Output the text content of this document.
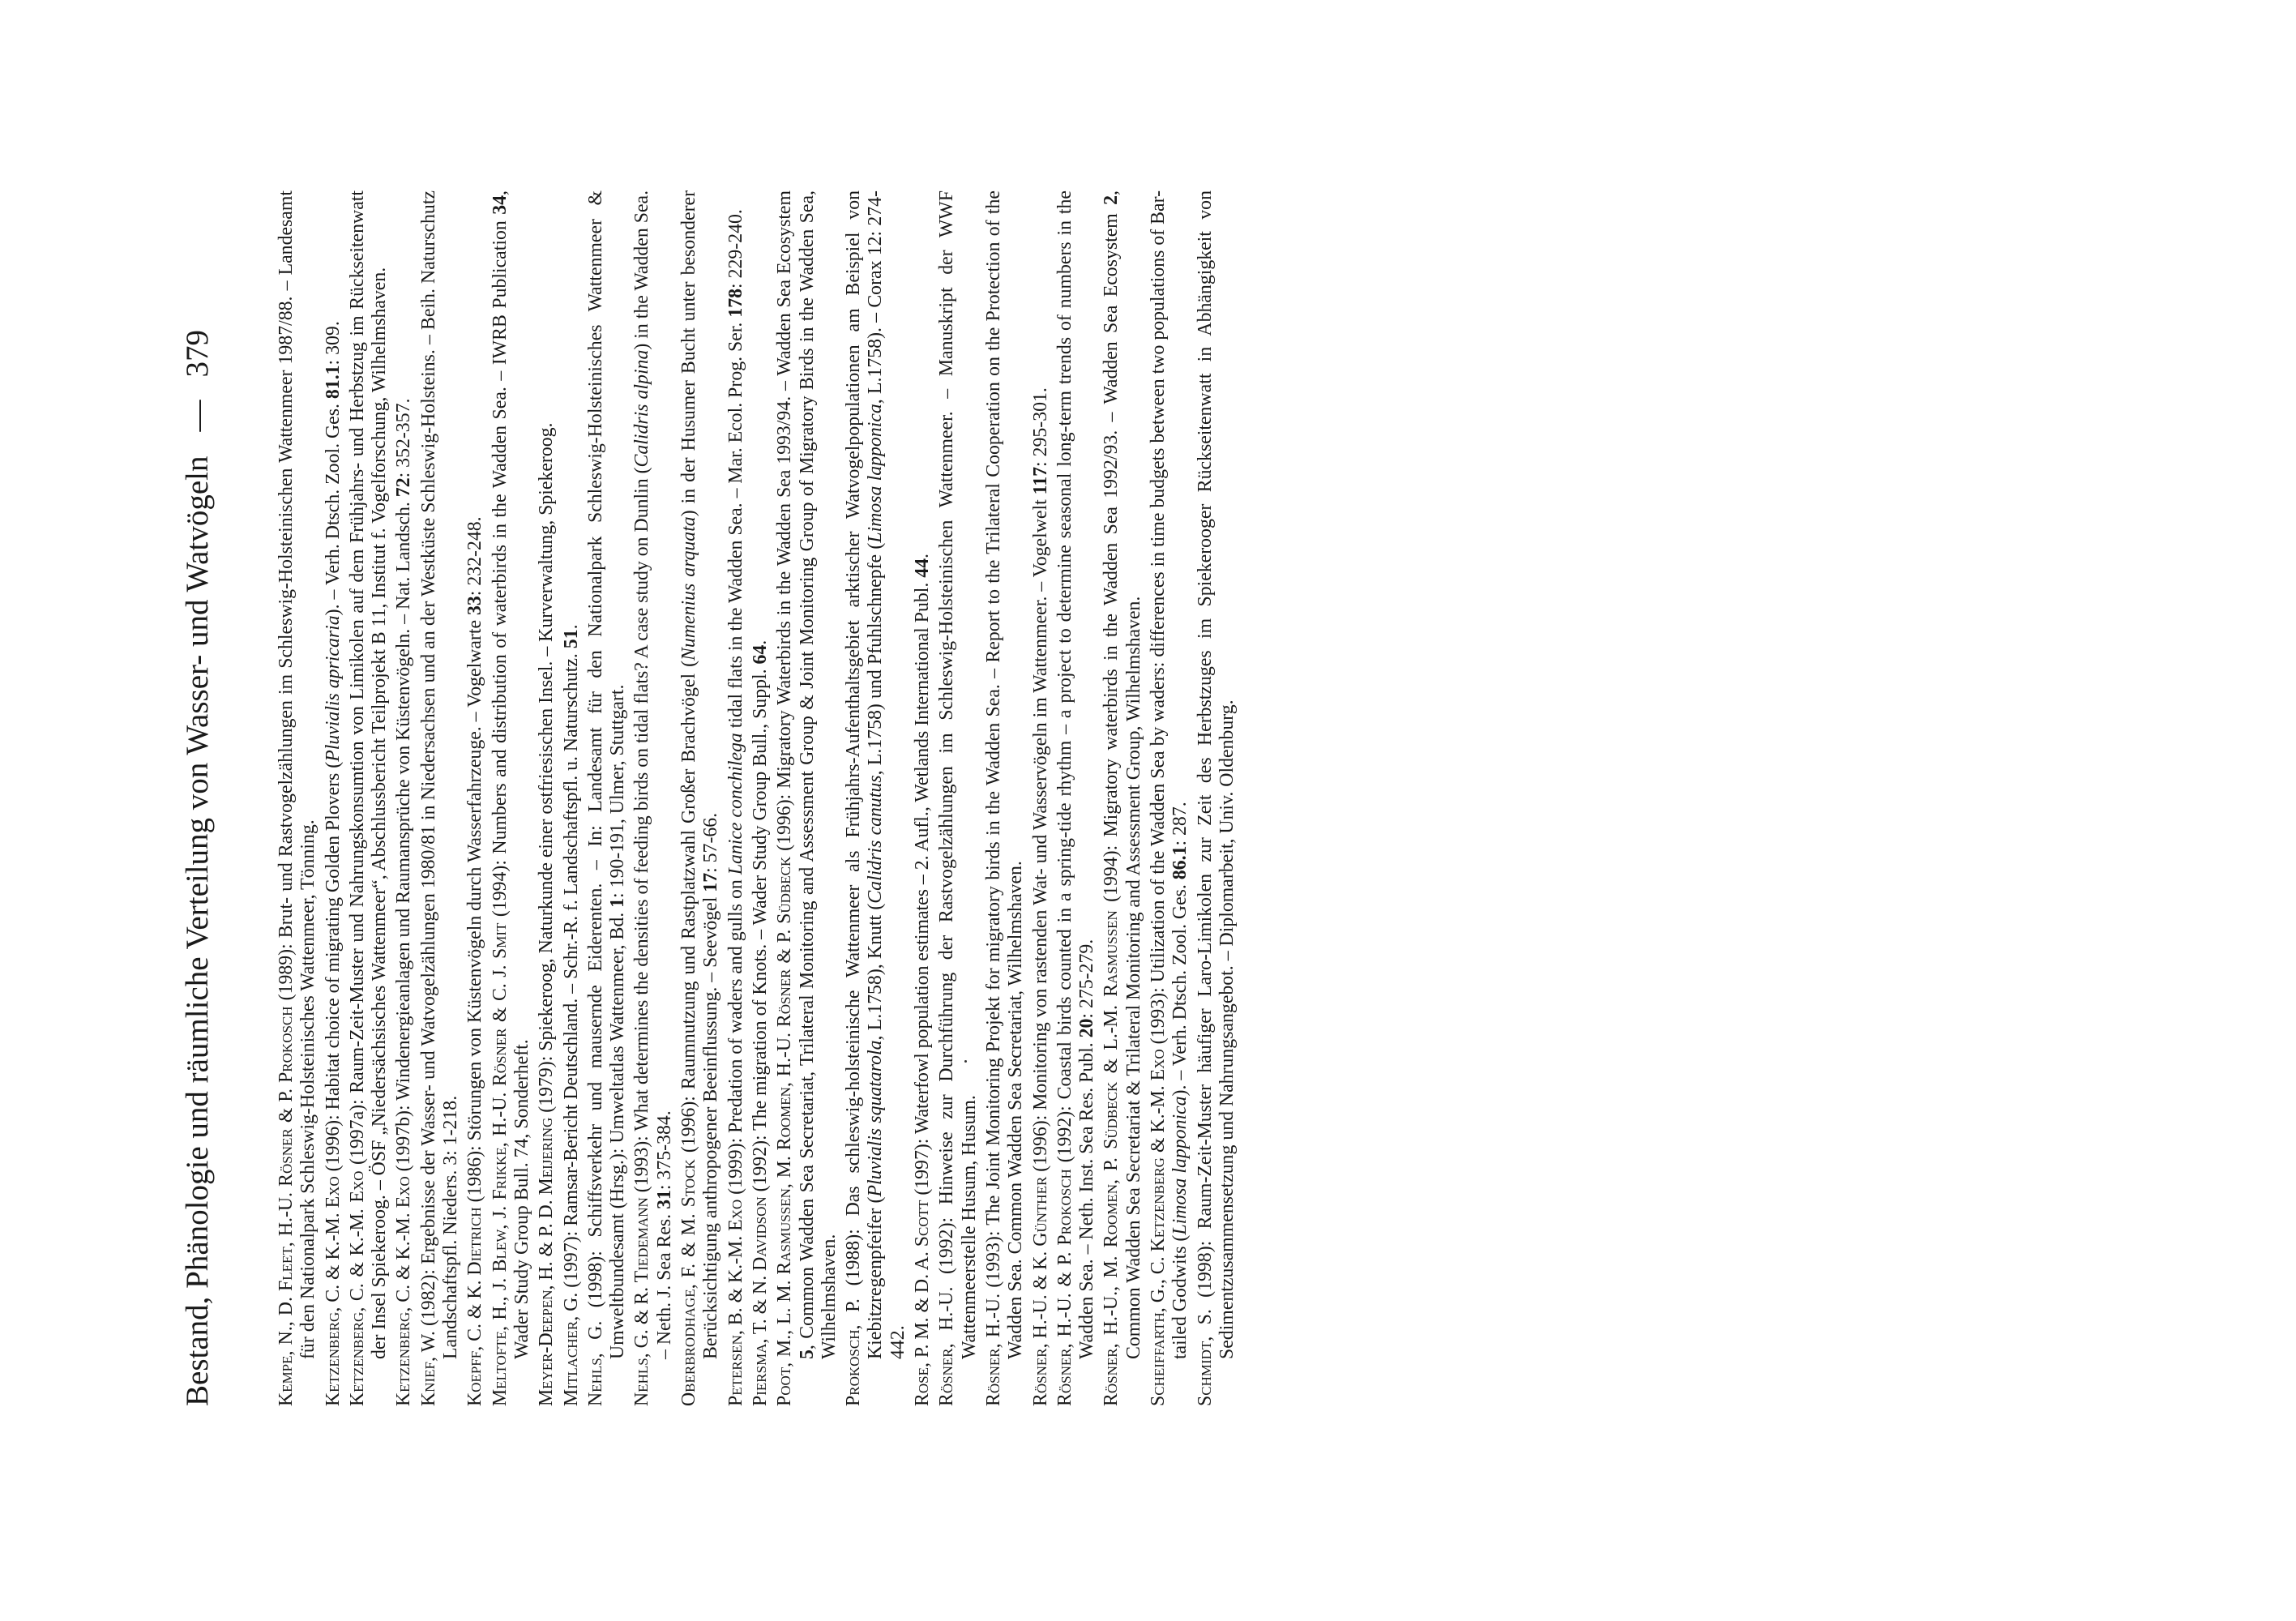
Bestand, Phänologie und räumliche Verteilung von Wasser- und Watvögeln
—
379

Kempe, N., D. Fleet, H.-U. Rösner & P. Prokosch (1989): Brut- und Rastvogelzählungen im Schleswig-Holsteinischen Wattenmeer 1987/88. – Landesamt für den Nationalpark Schleswig-Holsteinisches Wattenmeer, Tönning. Ketzenberg, C. & K.-M. Exo (1996): Habitat choice of migrating Golden Plovers (Pluvialis apricaria). – Verh. Dtsch. Zool. Ges. 81.1: 309.

Ketzenberg, C. & K.-M. Exo (1997a): Raum-Zeit-Muster und Nahrungskonsumtion von Limikolen auf dem Frühjahrs- und Herbstzug im Rückseitenwatt der Insel Spiekeroog. – ÖSF „Niedersächsisches Wattenmeer“, Abschlussbericht Teilprojekt B 11, Institut f. Vogelforschung, Wilhelmshaven. Ketzenberg, C. & K.-M. Exo (1997b): Windenergieanlagen und Raumansprüche von Küstenvögeln. – Nat. Landsch. 72: 352-357.

Knief, W. (1982): Ergebnisse der Wasser- und Watvogelzählungen 1980/81 in Niedersachsen und an der Westküste Schleswig-Holsteins. – Beih. Naturschutz Landschaftspfl. Nieders. 3: 1-218. Koepff, C. & K. Dietrich (1986): Störungen von Küstenvögeln durch Wasserfahrzeuge. – Vogelwarte 33: 232-248.

Meltofte, H., J. Blew, J. Frikke, H.-U. Rösner & C. J. Smit (1994): Numbers and distribution of waterbirds in the Wadden Sea. – IWRB Publication 34, Wader Study Group Bull. 74, Sonderheft. Meyer-Deepen, H. & P. D. Meijering (1979): Spiekeroog, Naturkunde einer ostfriesischen Insel. – Kurverwaltung, Spiekeroog.

Mitlacher, G. (1997): Ramsar-Bericht Deutschland. – Schr.-R. f. Landschaftspfl. u. Naturschutz. 51.

Nehls, G. (1998): Schiffsverkehr und mausernde Eiderenten. – In: Landesamt für den Nationalpark Schleswig-Holsteinisches Wattenmeer & Umweltbundesamt (Hrsg.): Umweltatlas Wattenmeer, Bd. 1: 190-191, Ulmer, Stuttgart.

Nehls, G. & R. Tiedemann (1993): What determines the densities of feeding birds on tidal flats? A case study on Dunlin (Calidris alpina) in the Wadden Sea. – Neth. J. Sea Res. 31: 375-384.

Oberbrodhage, F. & M. Stock (1996): Raumnutzung und Rastplatzwahl Großer Brachvögel (Numenius arquata) in der Husumer Bucht unter besonderer Berücksichtigung anthropogener Beeinflussung. – Seevögel 17: 57-66.

Petersen, B. & K.-M. Exo (1999): Predation of waders and gulls on Lanice conchilega tidal flats in the Wadden Sea. – Mar. Ecol. Prog. Ser. 178: 229-240.

Piersma, T. & N. Davidson (1992): The migration of Knots. – Wader Study Group Bull., Suppl. 64.

Poot, M., L. M. Rasmussen, M. Roomen, H.-U. Rösner & P. Südbeck (1996): Migratory Waterbirds in the Wadden Sea 1993/94. – Wadden Sea Ecosystem 5, Common Wadden Sea Secretariat, Trilateral Monitoring and Assessment Group & Joint Monitoring Group of Migratory Birds in the Wadden Sea, Wilhelmshaven. Prokosch, P. (1988): Das schleswig-holsteinische Wattenmeer als Frühjahrs-Aufenthaltsgebiet arktischer Watvogelpopulationen am Beispiel von Kiebitzregenpfeifer (Pluvialis squatarola, L.1758), Knutt (Calidris canutus, L.1758) und Pfuhlschnepfe (Limosa lapponica, L.1758). – Corax 12: 274-442. Rose, P. M. & D. A. Scott (1997): Waterfowl population estimates – 2. Aufl., Wetlands International Publ. 44.

Rösner, H.-U. (1992): Hinweise zur Durchführung der Rastvogelzählungen im Schleswig-Holsteinischen Wattenmeer. – Manuskript der WWF Wattenmeerstelle Husum, Husum. Rösner, H.-U. (1993): The Joint Monitoring Projekt for migratory birds in the Wadden Sea. – Report to the Trilateral Cooperation on the Protection of the Wadden Sea. Common Wadden Sea Secretariat, Wilhelmshaven. Rösner, H.-U. & K. Günther (1996): Monitoring von rastenden Wat- und Wasservögeln im Wattenmeer. – Vogelwelt 117: 295-301.

Rösner, H.-U. & P. Prokosch (1992): Coastal birds counted in a spring-tide rhythm – a project to determine seasonal long-term trends of numbers in the Wadden Sea. – Neth. Inst. Sea Res. Publ. 20: 275-279. Rösner, H.-U., M. Roomen, P. Südbeck & L.-M. Rasmussen (1994): Migratory waterbirds in the Wadden Sea 1992/93. – Wadden Sea Ecosystem 2, Common Wadden Sea Secretariat & Trilateral Monitoring and Assessment Group, Wilhelmshaven. Scheiffarth, G., C. Ketzenberg & K.-M. Exo (1993): Utilization of the Wadden Sea by waders: differences in time budgets between two populations of Bar-tailed Godwits (Limosa lapponica). – Verh. Dtsch. Zool. Ges. 86.1: 287.

Schmidt, S. (1998): Raum-Zeit-Muster häufiger Laro-Limikolen zur Zeit des Herbstzuges im Spiekerooger Rückseitenwatt in Abhängigkeit von Sedimentzusammensetzung und Nahrungsangebot. – Diplomarbeit, Univ. Oldenburg.
